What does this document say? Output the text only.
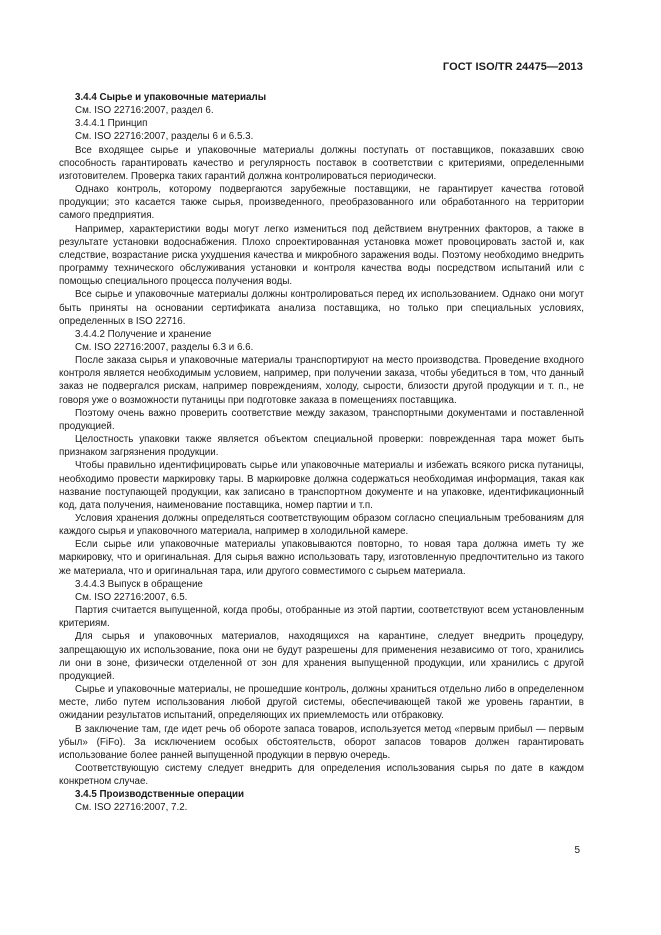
ГОСТ ISO/TR 24475—2013

3.4.4 Сырье и упаковочные материалы

См. ISO 22716:2007, раздел 6.

3.4.4.1 Принцип

См. ISO 22716:2007, разделы 6 и 6.5.3.

Все входящее сырье и упаковочные материалы должны поступать от поставщиков, показавших свою способность гарантировать качество и регулярность поставок в соответствии с критериями, определенными изготовителем. Проверка таких гарантий должна контролироваться периодически.

Однако контроль, которому подвергаются зарубежные поставщики, не гарантирует качества готовой продукции; это касается также сырья, произведенного, преобразованного или обработанного на территории самого предприятия.

Например, характеристики воды могут легко измениться под действием внутренних факторов, а также в результате установки водоснабжения. Плохо спроектированная установка может провоцировать застой и, как следствие, возрастание риска ухудшения качества и микробного заражения воды. Поэтому необходимо внедрить программу технического обслуживания установки и контроля качества воды посредством испытаний или с помощью специального процесса получения воды.

Все сырье и упаковочные материалы должны контролироваться перед их использованием. Однако они могут быть приняты на основании сертификата анализа поставщика, но только при специальных условиях, определенных в ISO 22716.

3.4.4.2 Получение и хранение

См. ISO 22716:2007, разделы 6.3 и 6.6.

После заказа сырья и упаковочные материалы транспортируют на место производства. Проведение входного контроля является необходимым условием, например, при получении заказа, чтобы убедиться в том, что данный заказ не подвергался рискам, например повреждениям, холоду, сырости, близости другой продукции и т. п., не говоря уже о возможности путаницы при подготовке заказа в помещениях поставщика.

Поэтому очень важно проверить соответствие между заказом, транспортными документами и поставленной продукцией.

Целостность упаковки также является объектом специальной проверки: поврежденная тара может быть признаком загрязнения продукции.

Чтобы правильно идентифицировать сырье или упаковочные материалы и избежать всякого риска путаницы, необходимо провести маркировку тары. В маркировке должна содержаться необходимая информация, такая как название поступающей продукции, как записано в транспортном документе и на упаковке, идентификационный код, дата получения, наименование поставщика, номер партии и т.п.

Условия хранения должны определяться соответствующим образом согласно специальным требованиям для каждого сырья и упаковочного материала, например в холодильной камере.

Если сырье или упаковочные материалы упаковываются повторно, то новая тара должна иметь ту же маркировку, что и оригинальная. Для сырья важно использовать тару, изготовленную предпочтительно из такого же материала, что и оригинальная тара, или другого совместимого с сырьем материала.

3.4.4.3 Выпуск в обращение

См. ISO 22716:2007, 6.5.

Партия считается выпущенной, когда пробы, отобранные из этой партии, соответствуют всем установленным критериям.

Для сырья и упаковочных материалов, находящихся на карантине, следует внедрить процедуру, запрещающую их использование, пока они не будут разрешены для применения независимо от того, хранились ли они в зоне, физически отделенной от зон для хранения выпущенной продукции, или хранились с другой продукцией.

Сырье и упаковочные материалы, не прошедшие контроль, должны храниться отдельно либо в определенном месте, либо путем использования любой другой системы, обеспечивающей такой же уровень гарантии, в ожидании результатов испытаний, определяющих их приемлемость или отбраковку.

В заключение там, где идет речь об обороте запаса товаров, используется метод «первым прибыл — первым убыл» (FiFo). За исключением особых обстоятельств, оборот запасов товаров должен гарантировать использование более ранней выпущенной продукции в первую очередь.

Соответствующую систему следует внедрить для определения использования сырья по дате в каждом конкретном случае.

3.4.5 Производственные операции

См. ISO 22716:2007, 7.2.

5
